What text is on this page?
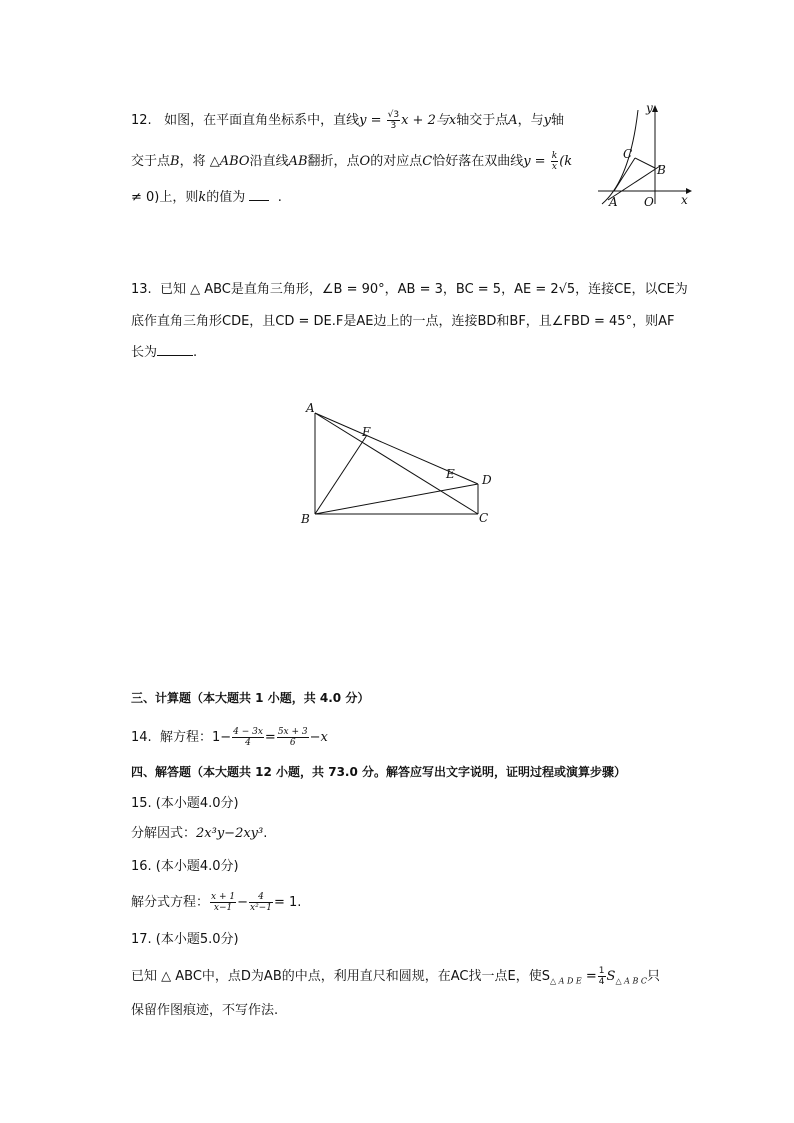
12. 如图，在平面直角坐标系中，直线$y = \frac{√3}{3}$ x + 2与x轴交于点A，与y轴
交于点B，将 △ABO沿直线AB翻折，点O的对应点C恰好落在双曲线$y = \frac{k}{x} (k$
≠ 0)上，则k的值为 .
y
x
A O
B
C
13. 已知 △ ABC是直角三角形，∠B = 90°，AB = 3，BC = 5，AE = 2√5，连接CE，以CE为
底作直角三角形CDE，且CD = DE.F是AE边上的一点，连接BD和BF，且∠FBD = 45°，则AF
长为	.
A
B	C
D
E
F
三、计算题（本大题共 1 小题，共 4.0 分）
14. 解方程：$1- \frac{4 - 3x}{4} = \frac{5x + 3}{6} -x$
四、解答题（本大题共 12 小题，共 73.0 分。解答应写出文字说明，证明过程或演算步骤）
15. (本小题4.0分)
分解因式：2x³y−2xy³.
16. (本小题4.0分)
解分式方程： $\frac{x + 1}{x-1} - \frac{4}{\text{x²−1}} = 1$.
17. (本小题5.0分)
已知 △ ABC中，点D为AB的中点，利用直尺和圆规，在AC找一点E，使$S_{\triangle A D E} = \frac{1}{4} S_{\triangle A B C}$只
保留作图痕迹，不写作法.
